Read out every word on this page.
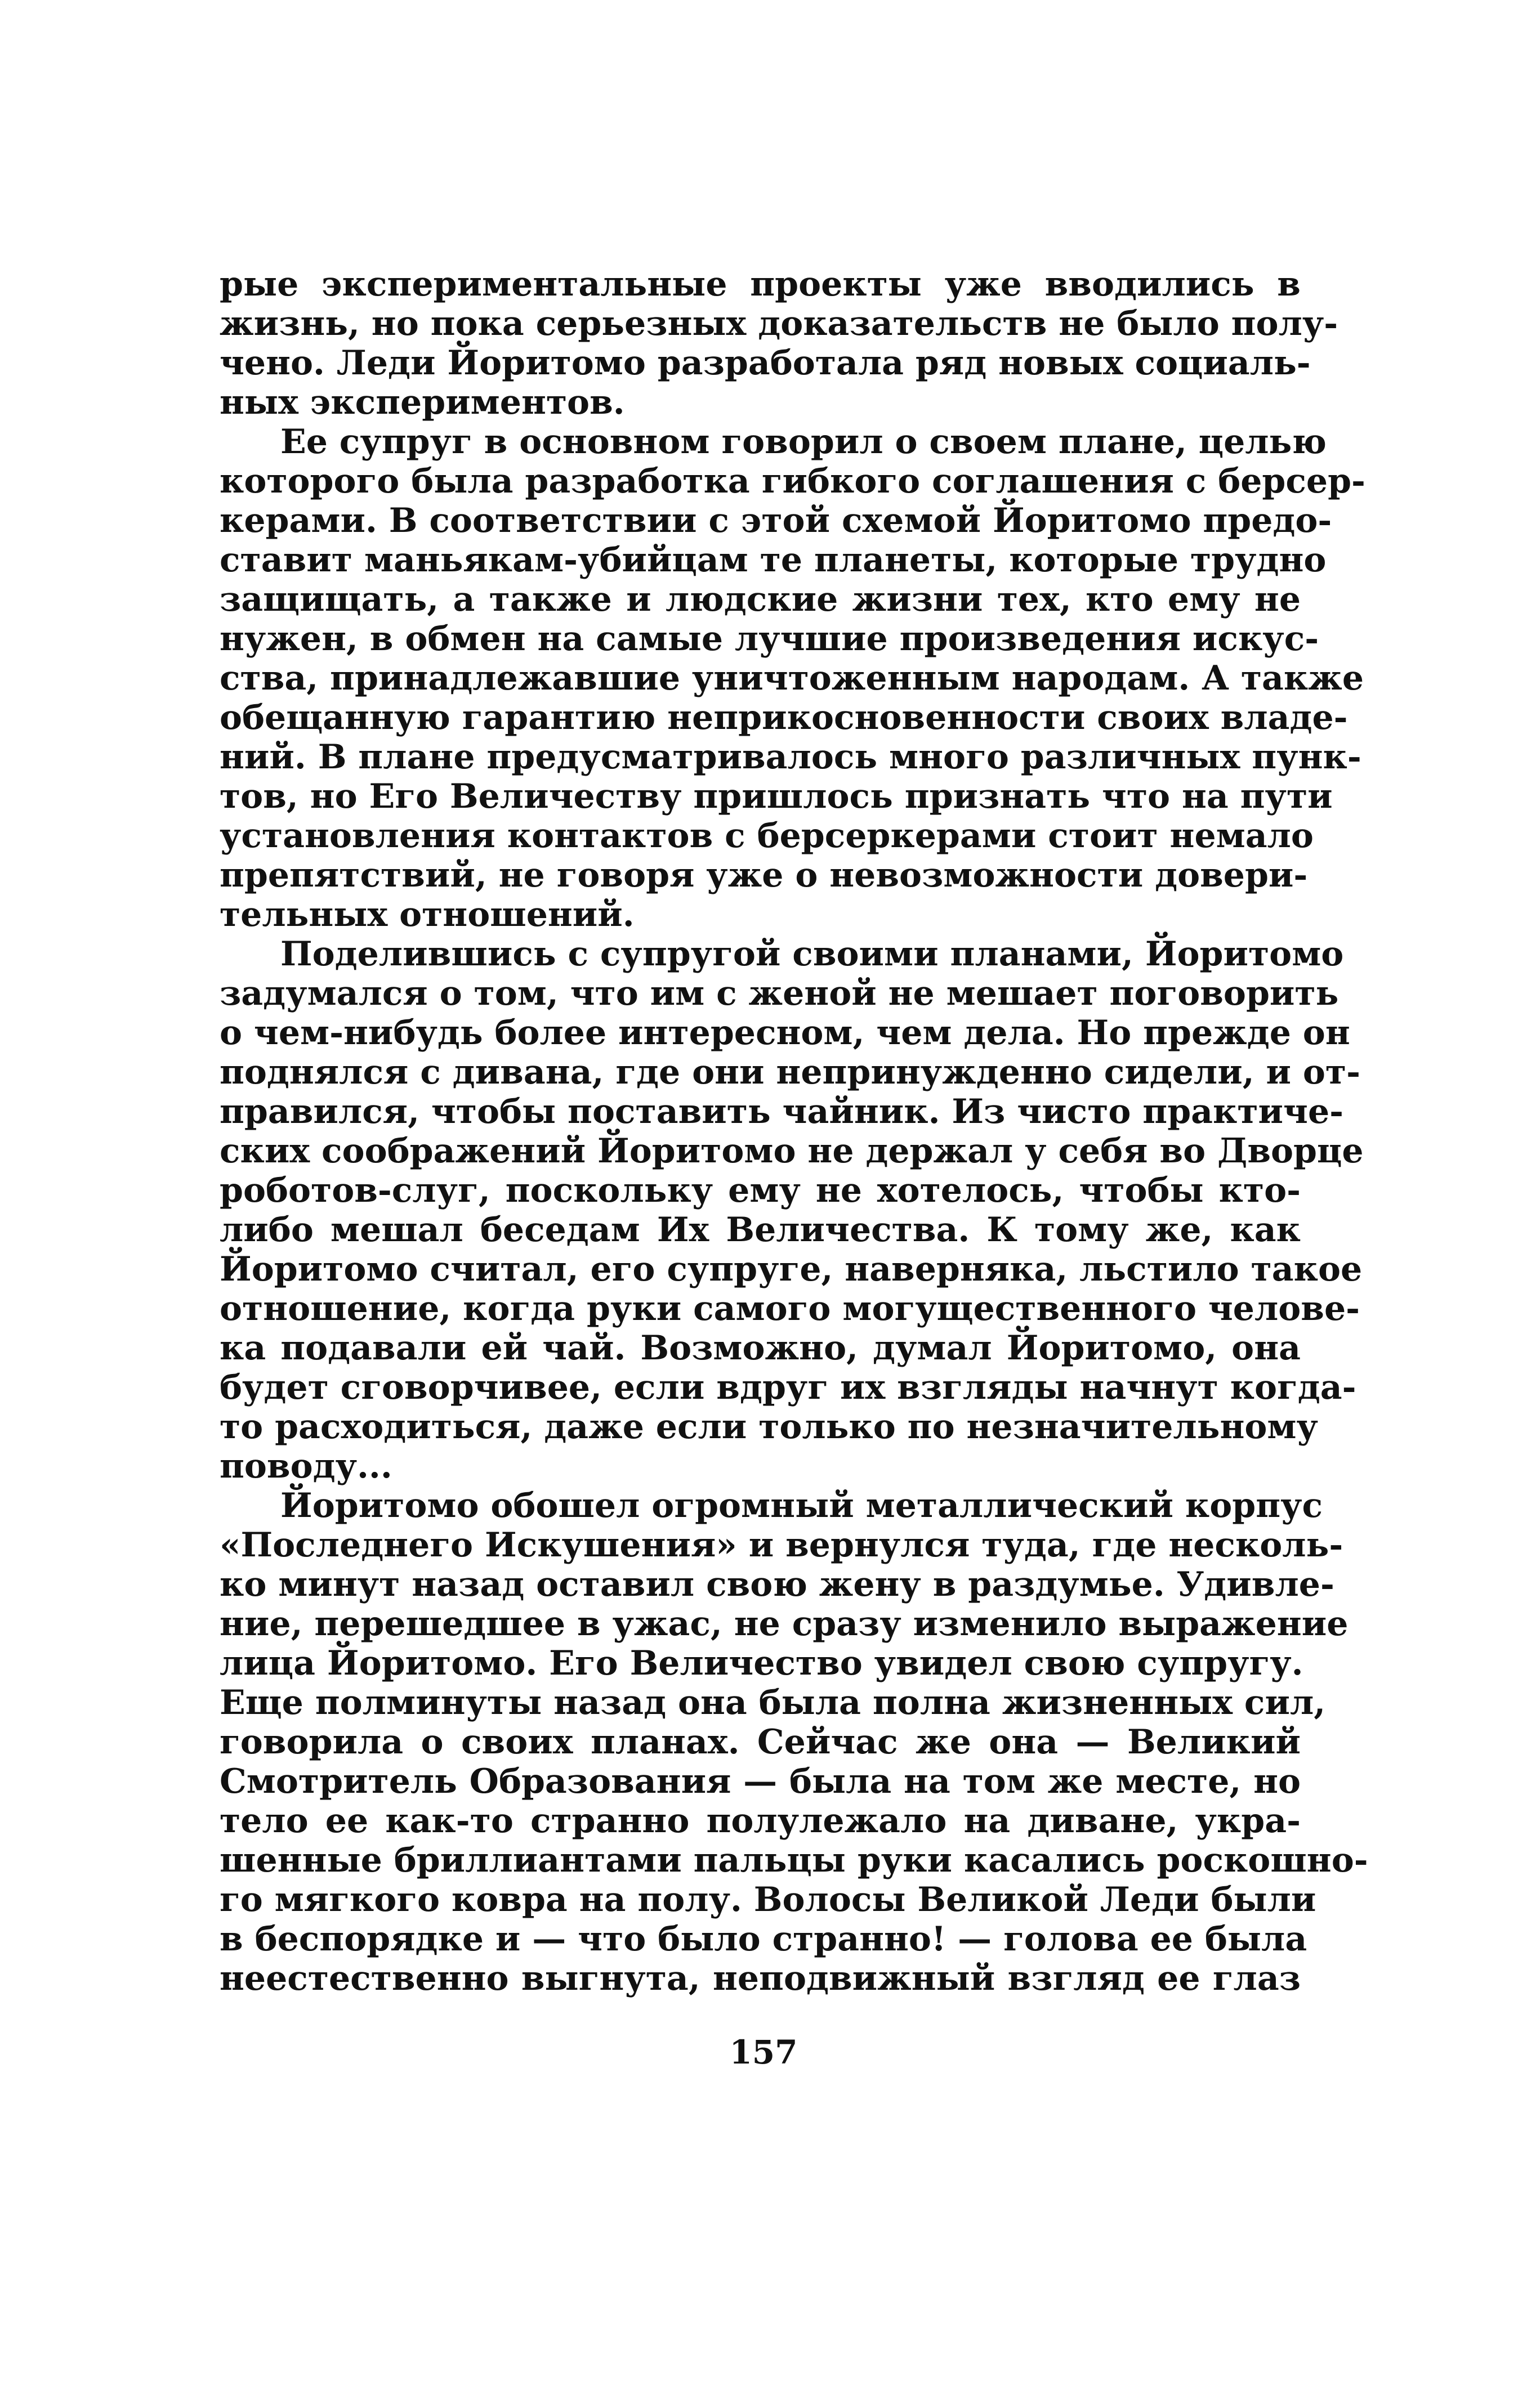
рые экспериментальные проекты уже вводились в
жизнь, но пока серьезных доказательств не было полу-
чено. Леди Йоритомо разработала ряд новых социаль-
ных экспериментов.
Ее супруг в основном говорил о своем плане, целью
которого была разработка гибкого соглашения с берсер-
керами. В соответствии с этой схемой Йоритомо предо-
ставит маньякам-убийцам те планеты, которые трудно
защищать, а также и людские жизни тех, кто ему не
нужен, в обмен на самые лучшие произведения искус-
ства, принадлежавшие уничтоженным народам. А также
обещанную гарантию неприкосновенности своих владе-
ний. В плане предусматривалось много различных пунк-
тов, но Его Величеству пришлось признать что на пути
установления контактов с берсеркерами стоит немало
препятствий, не говоря уже о невозможности довери-
тельных отношений.
Поделившись с супругой своими планами, Йоритомо
задумался о том, что им с женой не мешает поговорить
о чем-нибудь более интересном, чем дела. Но прежде он
поднялся с дивана, где они непринужденно сидели, и от-
правился, чтобы поставить чайник. Из чисто практиче-
ских соображений Йоритомо не держал у себя во Дворце
роботов-слуг, поскольку ему не хотелось, чтобы кто-
либо мешал беседам Их Величества. К тому же, как
Йоритомо считал, его супруге, наверняка, льстило такое
отношение, когда руки самого могущественного челове-
ка подавали ей чай. Возможно, думал Йоритомо, она
будет сговорчивее, если вдруг их взгляды начнут когда-
то расходиться, даже если только по незначительному
поводу...
Йоритомо обошел огромный металлический корпус
«Последнего Искушения» и вернулся туда, где несколь-
ко минут назад оставил свою жену в раздумье. Удивле-
ние, перешедшее в ужас, не сразу изменило выражение
лица Йоритомо. Его Величество увидел свою супругу.
Еще полминуты назад она была полна жизненных сил,
говорила о своих планах. Сейчас же она — Великий
Смотритель Образования — была на том же месте, но
тело ее как-то странно полулежало на диване, укра-
шенные бриллиантами пальцы руки касались роскошно-
го мягкого ковра на полу. Волосы Великой Леди были
в беспорядке и — что было странно! — голова ее была
неестественно выгнута, неподвижный взгляд ее глаз
157
